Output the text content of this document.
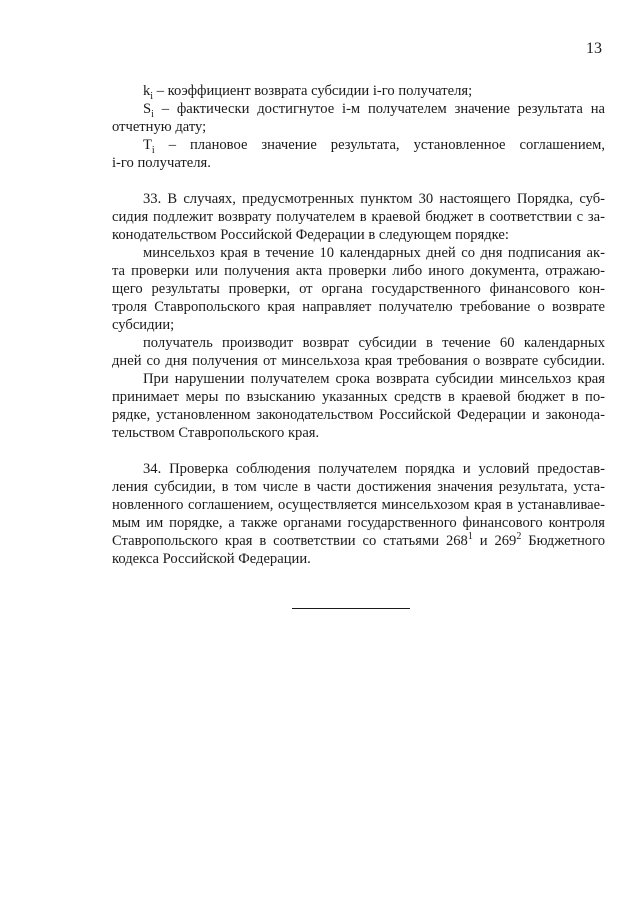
13
$k_i$ – коэффициент возврата субсидии i-го получателя;
$S_i$ – фактически достигнутое i-м получателем значение результата на
отчетную дату;
$T_i$ – плановое значение результата, установленное соглашением,
i-го получателя.
33. В случаях, предусмотренных пунктом 30 настоящего Порядка, суб-
сидия подлежит возврату получателем в краевой бюджет в соответствии с за-
конодательством Российской Федерации в следующем порядке:
минсельхоз края в течение 10 календарных дней со дня подписания ак-
та проверки или получения акта проверки либо иного документа, отражаю-
щего результаты проверки, от органа государственного финансового кон-
троля Ставропольского края направляет получателю требование о возврате
субсидии;
получатель производит возврат субсидии в течение 60 календарных
дней со дня получения от минсельхоза края требования о возврате субсидии.
При нарушении получателем срока возврата субсидии минсельхоз края
принимает меры по взысканию указанных средств в краевой бюджет в по-
рядке, установленном законодательством Российской Федерации и законода-
тельством Ставропольского края.
34. Проверка соблюдения получателем порядка и условий предостав-
ления субсидии, в том числе в части достижения значения результата, уста-
новленного соглашением, осуществляется минсельхозом края в устанавливае-
мым им порядке, а также органами государственного финансового контроля
Ставропольского края в соответствии со статьями $268^1$ и $269^2$ Бюджетного
кодекса Российской Федерации.
